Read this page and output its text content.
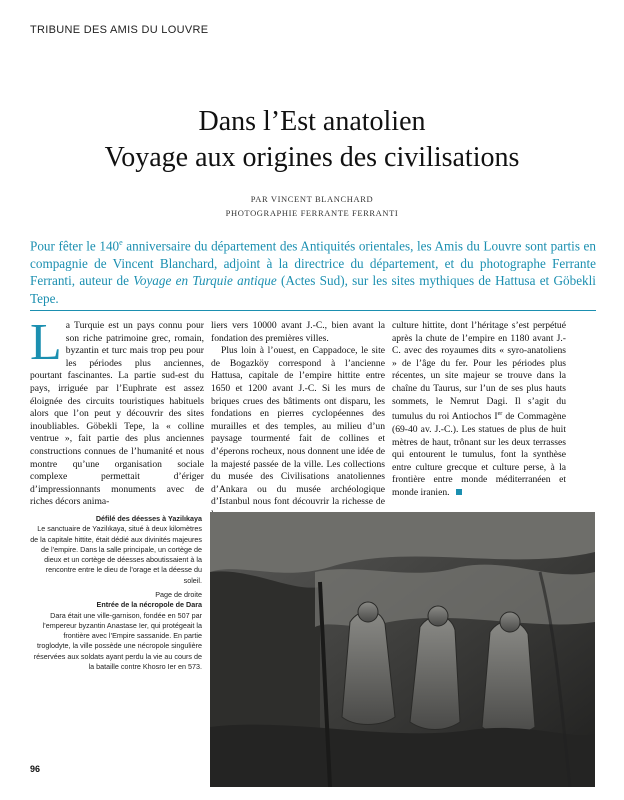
TRIBUNE DES AMIS DU LOUVRE
Dans l’Est anatolien
Voyage aux origines des civilisations
PAR VINCENT BLANCHARD
PHOTOGRAPHIE FERRANTE FERRANTI
Pour fêter le 140e anniversaire du département des Antiquités orientales, les Amis du Louvre sont partis en compagnie de Vincent Blanchard, adjoint à la directrice du département, et du photographe Ferrante Ferranti, auteur de Voyage en Turquie antique (Actes Sud), sur les sites mythiques de Hattusa et Göbekli Tepe.

La Turquie est un pays connu pour son riche patrimoine grec, romain, byzantin et turc mais trop peu pour les périodes plus anciennes, pourtant fascinantes. La partie sud-est du pays, irriguée par l’Euphrate est assez éloignée des circuits touristiques habituels alors que l’on peut y découvrir des sites inoubliables. Göbekli Tepe, la « colline ventrue », fait partie des plus anciennes constructions connues de l’humanité et nous montre qu’une organisation sociale complexe permettait d’ériger d’impressionnants monuments avec de riches décors anima-

liers vers 10000 avant J.-C., bien avant la fondation des premières villes.

Plus loin à l’ouest, en Cappadoce, le site de Bogazköy correspond à l’ancienne Hattusa, capitale de l’empire hittite entre 1650 et 1200 avant J.-C. Si les murs de briques crues des bâtiments ont disparu, les fondations en pierres cyclopéennes des murailles et des temples, au milieu d’un paysage tourmenté fait de collines et d’éperons rocheux, nous donnent une idée de la majesté passée de la ville. Les collections du musée des Civilisations anatoliennes d’Ankara ou du musée archéologique d’Istanbul nous font découvrir la richesse de

culture hittite, dont l’héritage s’est perpétué après la chute de l’empire en 1180 avant J.-C. avec des royaumes dits « syro-anatoliens » de l’âge du fer. Pour les périodes plus récentes, un site majeur se trouve dans la chaîne du Taurus, sur l’un de ses plus hauts sommets, le Nemrut Dagi. Il s’agit du tumulus du roi Antiochos Ier de Commagène (69-40 av. J.-C.). Les statues de plus de huit mètres de haut, trônant sur les deux terrasses qui entourent le tumulus, font la synthèse entre culture grecque et culture perse, à la frontière entre monde méditerranéen et monde iranien.

Défilé des déesses à Yazilıkaya
Le sanctuaire de Yazilıkaya, situé à deux kilomètres de la capitale hittite, était dédié aux divinités majeures de l’empire. Dans la salle principale, un cortège de dieux et un cortège de déesses aboutissaient à la rencontre entre le dieu de l’orage et la déesse du soleil.
Page de droite
Entrée de la nécropole de Dara
Dara était une ville-garnison, fondée en 507 par l’empereur byzantin Anastase Ier, qui protégeait la frontière avec l’Empire sassanide. En partie troglodyte, la ville possède une nécropole singulière réservées aux soldats ayant perdu la vie au cours de la bataille contre Khosro Ier en 573.
96
